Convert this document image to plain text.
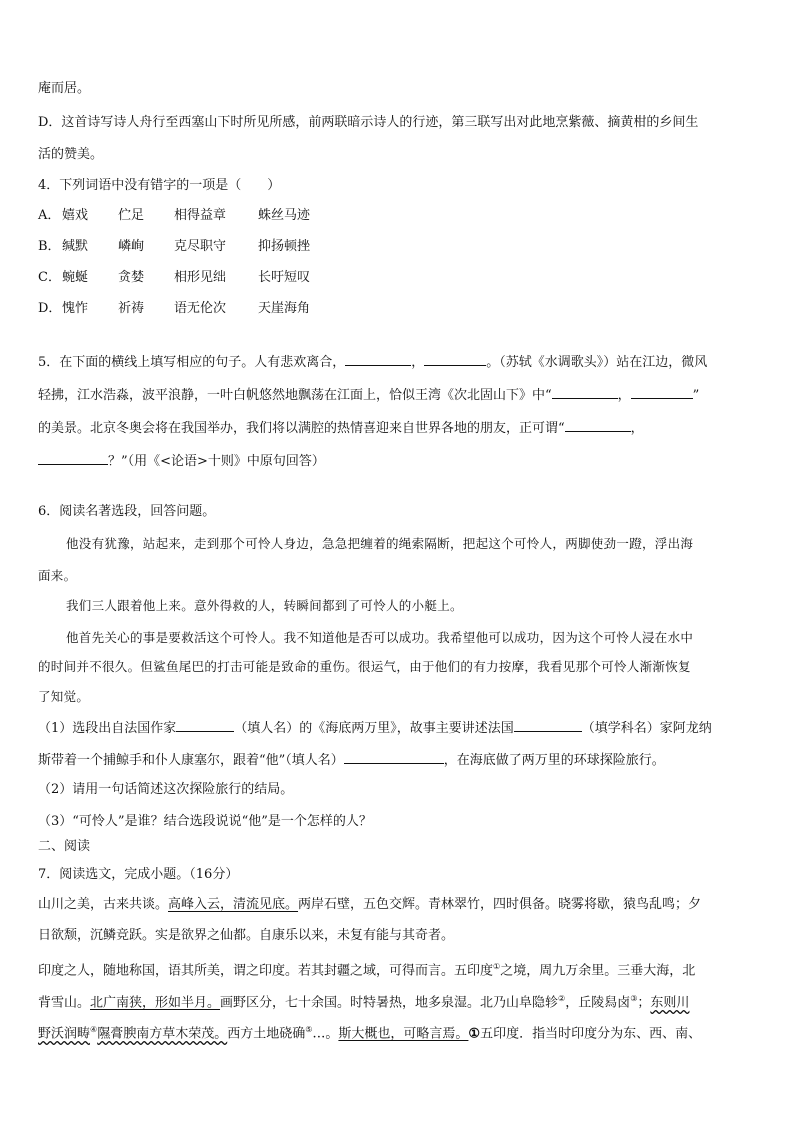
庵而居。
D．这首诗写诗人舟行至西塞山下时所见所感，前两联暗示诗人的行迹，第三联写出对此地烹紫薇、摘黄柑的乡间生
活的赞美。
4．下列词语中没有错字的一项是（　　）
A． 嬉戏 伫足 相得益章 蛛丝马迹
B． 缄默 嶙峋 克尽职守 抑扬顿挫
C． 蜿蜒 贪婪 相形见绌 长吁短叹
D． 愧怍 祈祷 语无伦次 天崖海角
5．在下面的横线上填写相应的句子。人有悲欢离合，	，	。（苏轼《水调歌头》）站在江边，微风
轻拂，江水浩淼，波平浪静，一叶白帆悠然地飘荡在江面上，恰似王湾《次北固山下》中“	，	”
的美景。北京冬奥会将在我国举办，我们将以满腔的热情喜迎来自世界各地的朋友，正可谓“	，
？”（用《<论语>十则》中原句回答）
6．阅读名著选段，回答问题。
他没有犹豫，站起来，走到那个可怜人身边，急急把缠着的绳索隔断，把起这个可怜人，两脚使劲一蹬，浮出海
面来。
我们三人跟着他上来。意外得救的人，转瞬间都到了可怜人的小艇上。
他首先关心的事是要救活这个可怜人。我不知道他是否可以成功。我希望他可以成功，因为这个可怜人浸在水中
的时间并不很久。但鲨鱼尾巴的打击可能是致命的重伤。很运气，由于他们的有力按摩，我看见那个可怜人渐渐恢复
了知觉。
（1）选段出自法国作家	（填人名）的《海底两万里》，故事主要讲述法国	（填学科名）家阿龙纳
斯带着一个捕鲸手和仆人康塞尔，跟着“他”（填人名）	，在海底做了两万里的环球探险旅行。
（2）请用一句话简述这次探险旅行的结局。
（3）“可怜人”是谁？结合选段说说“他”是一个怎样的人？
二、阅读
7．阅读选文，完成小题。（16分）
山川之美，古来共谈。高峰入云，清流见底。两岸石壁，五色交辉。青林翠竹，四时俱备。晓雾将歇，猿鸟乱鸣；夕
日欲颓，沉鳞竞跃。实是欲界之仙都。自康乐以来，未复有能与其奇者。
印度之人，随地称国，语其所美，谓之印度。若其封疆之域，可得而言。五印度①之境，周九万余里。三垂大海，北
背雪山。北广南狭，形如半月。画野区分，七十余国。时特暑热，地多泉湿。北乃山阜隐轸②，丘陵舄卤③；东则川
野沃润畴④隰膏腴南方草木荣茂。西方土地硗确⑤…。斯大概也，可略言焉。①五印度．指当时印度分为东、西、南、
